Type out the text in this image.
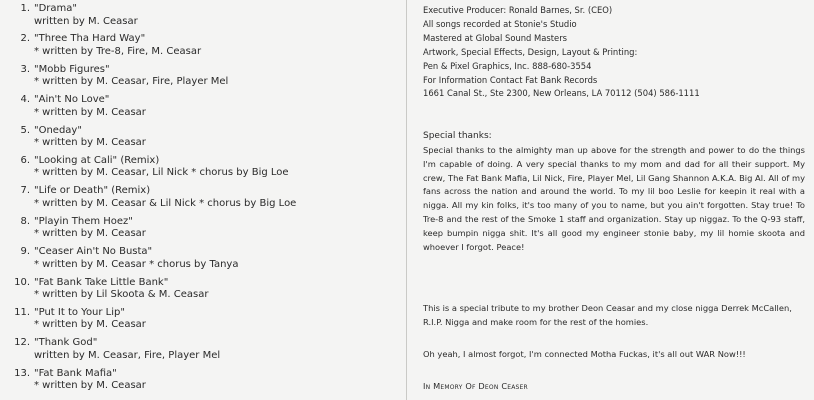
1. "Drama"
written by M. Ceasar
2. "Three Tha Hard Way"
* written by Tre-8, Fire, M. Ceasar
3. "Mobb Figures"
* written by M. Ceasar, Fire, Player Mel
4. "Ain't No Love"
* written by M. Ceasar
5. "Oneday"
* written by M. Ceasar
6. "Looking at Cali" (Remix)
* written by M. Ceasar, Lil Nick * chorus by Big Loe
7. "Life or Death" (Remix)
* written by M. Ceasar & Lil Nick * chorus by Big Loe
8. "Playin Them Hoez"
* written by M. Ceasar
9. "Ceaser Ain't No Busta"
* written by M. Ceasar * chorus by Tanya
10. "Fat Bank Take Little Bank"
* written by Lil Skoota & M. Ceasar
11. "Put It to Your Lip"
* written by M. Ceasar
12. "Thank God"
written by M. Ceasar, Fire, Player Mel
13. "Fat Bank Mafia"
* written by M. Ceasar
Executive Producer: Ronald Barnes, Sr. (CEO)
All songs recorded at Stonie's Studio
Mastered at Global Sound Masters
Artwork, Special Effects, Design, Layout & Printing:
Pen & Pixel Graphics, Inc. 888-680-3554
For Information Contact Fat Bank Records
1661 Canal St., Ste 2300, New Orleans, LA 70112 (504) 586-1111
Special thanks:

Special thanks to the almighty man up above for the strength and power to do the things I'm capable of doing. A very special thanks to my mom and dad for all their support. My crew, The Fat Bank Mafia, Lil Nick, Fire, Player Mel, Lil Gang Shannon A.K.A. Big Al. All of my fans across the nation and around the world. To my lil boo Leslie for keepin it real with a nigga. All my kin folks, it's too many of you to name, but you ain't forgotten. Stay true! To Tre-8 and the rest of the Smoke 1 staff and organization. Stay up niggaz. To the Q-93 staff, keep bumpin nigga shit. It's all good my engineer stonie baby, my lil homie skoota and whoever I forgot. Peace!

This is a special tribute to my brother Deon Ceasar and my close nigga Derrek McCallen, R.I.P. Nigga and make room for the rest of the homies.

Oh yeah, I almost forgot, I'm connected Motha Fuckas, it's all out WAR Now!!!

In Memory Of Deon Ceaser
